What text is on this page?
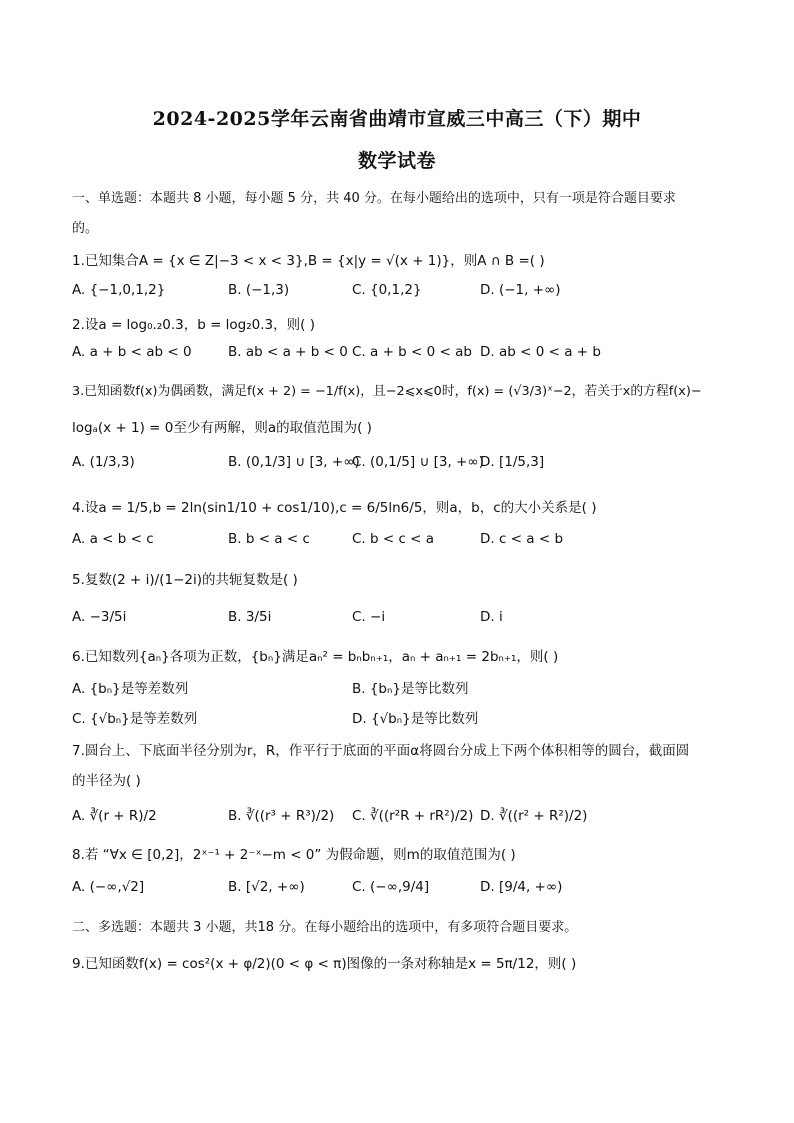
2024-2025学年云南省曲靖市宣威三中高三（下）期中
数学试卷
一、单选题：本题共 8 小题，每小题 5 分，共 40 分。在每小题给出的选项中，只有一项是符合题目要求
的。
1.已知集合A = {x ∈ Z|−3 < x < 3},B = {x|y = √(x + 1)}，则A ∩ B =( )
A. {−1,0,1,2}	B. (−1,3)	C. {0,1,2}	D. (−1, +∞)
2.设a = log₀.₂0.3，b = log₂0.3，则( )
A. a + b < ab < 0	B. ab < a + b < 0 C. a + b < 0 < ab D. ab < 0 < a + b
3.已知函数f(x)为偶函数，满足f(x + 2) = −1/f(x)，且−2⩽x⩽0时，f(x) = (√3/3)ˣ−2，若关于x的方程f(x)−
logₐ(x + 1) = 0至少有两解，则a的取值范围为( )
A. (1/3,3)	B. (0,1/3] ∪ [3, +∞)
C. (0,1/5] ∪ [3, +∞)
D. [1/5,3]
4.设a = 1/5,b = 2ln(sin1/10 + cos1/10),c = 6/5ln6/5，则a，b，c的大小关系是( )
A. a < b < c	B. b < a < c	C. b < c < a	D. c < a < b
5.复数(2 + i)/(1−2i)的共轭复数是( )
A. −3/5i	B. 3/5i	C. −i	D. i
6.已知数列{aₙ}各项为正数，{bₙ}满足aₙ² = bₙbₙ₊₁，aₙ + aₙ₊₁ = 2bₙ₊₁，则( )
A. {bₙ}是等差数列	B. {bₙ}是等比数列
C. {√bₙ}是等差数列	D. {√bₙ}是等比数列
7.圆台上、下底面半径分别为r，R，作平行于底面的平面α将圆台分成上下两个体积相等的圆台，截面圆
的半径为( )
A. ∛(r + R)/2	B. ∛((r³ + R³)/2) C. ∛((r²R + rR²)/2) D. ∛((r² + R²)/2)
8.若 “∀x ∈ [0,2]，2ˣ⁻¹ + 2⁻ˣ−m < 0” 为假命题，则m的取值范围为( )
A. (−∞,√2]	B. [√2, +∞)	C. (−∞,9/4]	D. [9/4, +∞)
二、多选题：本题共 3 小题，共18 分。在每小题给出的选项中，有多项符合题目要求。
9.已知函数f(x) = cos²(x + φ/2)(0 < φ < π)图像的一条对称轴是x = 5π/12，则( )
